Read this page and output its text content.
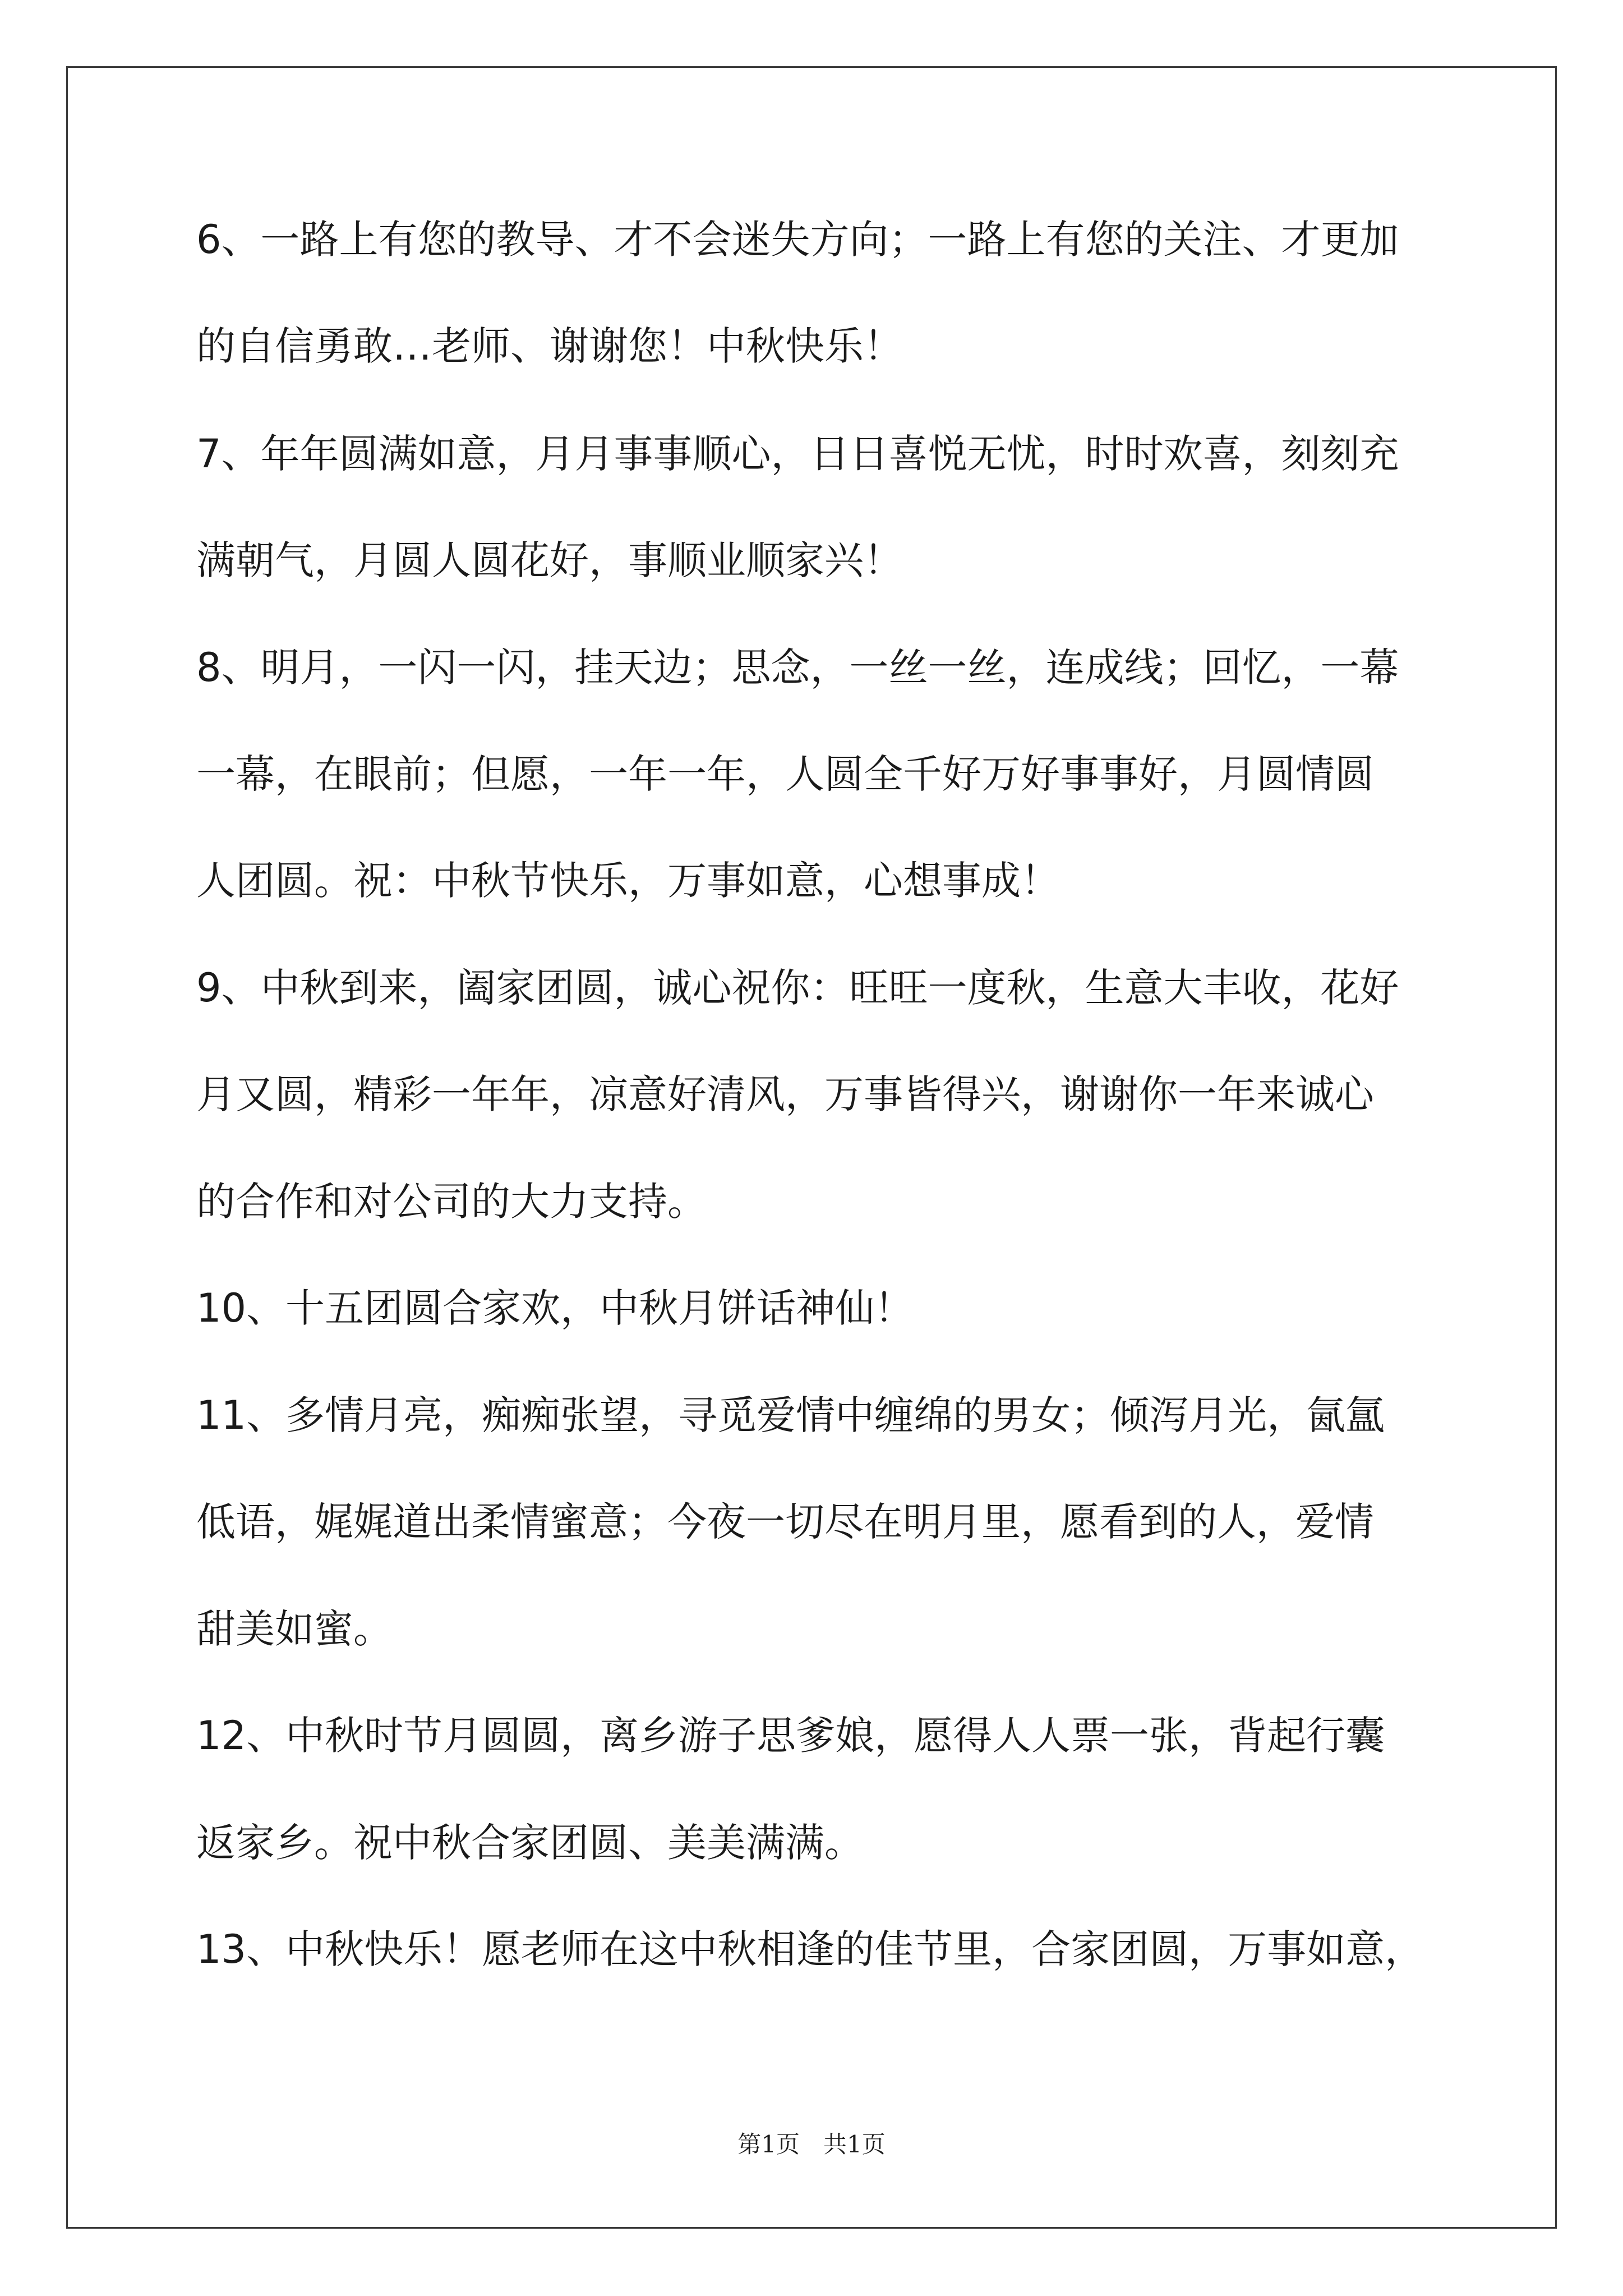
6、一路上有您的教导、才不会迷失方向；一路上有您的关注、才更加
的自信勇敢…老师、谢谢您！中秋快乐！
7、年年圆满如意，月月事事顺心，日日喜悦无忧，时时欢喜，刻刻充
满朝气，月圆人圆花好，事顺业顺家兴！
8、明月，一闪一闪，挂天边；思念，一丝一丝，连成线；回忆，一幕
一幕，在眼前；但愿，一年一年，人圆全千好万好事事好，月圆情圆
人团圆。祝：中秋节快乐，万事如意，心想事成！
9、中秋到来，阖家团圆，诚心祝你：旺旺一度秋，生意大丰收，花好
月又圆，精彩一年年，凉意好清风，万事皆得兴，谢谢你一年来诚心
的合作和对公司的大力支持。
10、十五团圆合家欢，中秋月饼话神仙！
11、多情月亮，痴痴张望，寻觅爱情中缠绵的男女；倾泻月光，氤氲
低语，娓娓道出柔情蜜意；今夜一切尽在明月里，愿看到的人，爱情
甜美如蜜。
12、中秋时节月圆圆，离乡游子思爹娘，愿得人人票一张，背起行囊
返家乡。祝中秋合家团圆、美美满满。
13、中秋快乐！愿老师在这中秋相逢的佳节里，合家团圆，万事如意，
第1页　共1页
